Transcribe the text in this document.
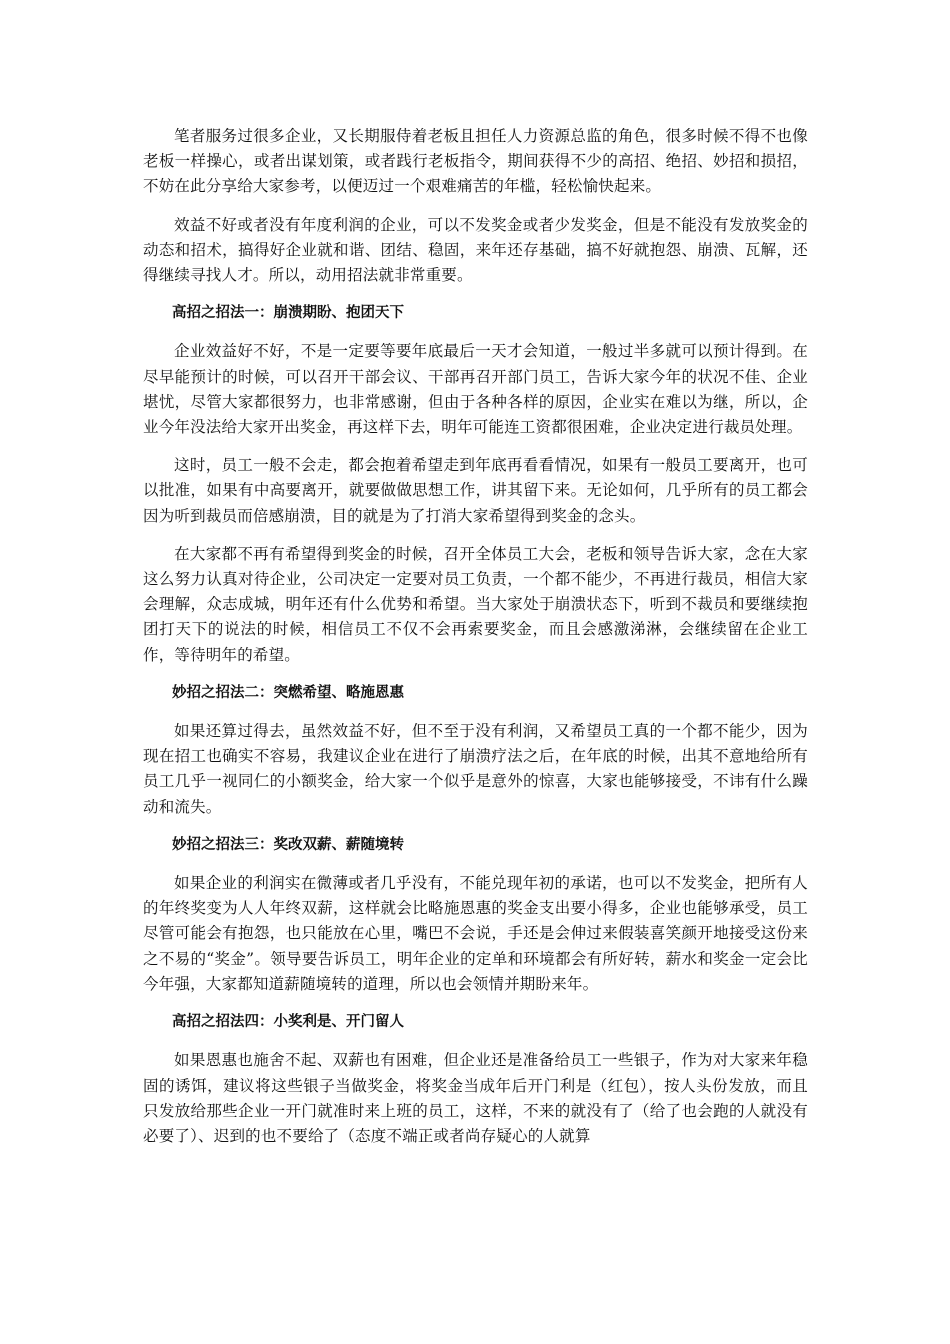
笔者服务过很多企业，又长期服侍着老板且担任人力资源总监的角色，很多时候不得不也像老板一样操心，或者出谋划策，或者践行老板指令，期间获得不少的高招、绝招、妙招和损招，不妨在此分享给大家参考，以便迈过一个艰难痛苦的年槛，轻松愉快起来。

效益不好或者没有年度利润的企业，可以不发奖金或者少发奖金，但是不能没有发放奖金的动态和招术，搞得好企业就和谐、团结、稳固，来年还存基础，搞不好就抱怨、崩溃、瓦解，还得继续寻找人才。所以，动用招法就非常重要。

高招之招法一：崩溃期盼、抱团天下

企业效益好不好，不是一定要等要年底最后一天才会知道，一般过半多就可以预计得到。在尽早能预计的时候，可以召开干部会议、干部再召开部门员工，告诉大家今年的状况不佳、企业堪忧，尽管大家都很努力，也非常感谢，但由于各种各样的原因，企业实在难以为继，所以，企业今年没法给大家开出奖金，再这样下去，明年可能连工资都很困难，企业决定进行裁员处理。

这时，员工一般不会走，都会抱着希望走到年底再看看情况，如果有一般员工要离开，也可以批准，如果有中高要离开，就要做做思想工作，讲其留下来。无论如何，几乎所有的员工都会因为听到裁员而倍感崩溃，目的就是为了打消大家希望得到奖金的念头。

在大家都不再有希望得到奖金的时候，召开全体员工大会，老板和领导告诉大家，念在大家这么努力认真对待企业，公司决定一定要对员工负责，一个都不能少，不再进行裁员，相信大家会理解，众志成城，明年还有什么优势和希望。当大家处于崩溃状态下，听到不裁员和要继续抱团打天下的说法的时候，相信员工不仅不会再索要奖金，而且会感激涕淋，会继续留在企业工作，等待明年的希望。

妙招之招法二：突燃希望、略施恩惠

如果还算过得去，虽然效益不好，但不至于没有利润，又希望员工真的一个都不能少，因为现在招工也确实不容易，我建议企业在进行了崩溃疗法之后，在年底的时候，出其不意地给所有员工几乎一视同仁的小额奖金，给大家一个似乎是意外的惊喜，大家也能够接受，不讳有什么躁动和流失。

妙招之招法三：奖改双薪、薪随境转

如果企业的利润实在微薄或者几乎没有，不能兑现年初的承诺，也可以不发奖金，把所有人的年终奖变为人人年终双薪，这样就会比略施恩惠的奖金支出要小得多，企业也能够承受，员工尽管可能会有抱怨，也只能放在心里，嘴巴不会说，手还是会伸过来假装喜笑颜开地接受这份来之不易的“奖金”。领导要告诉员工，明年企业的定单和环境都会有所好转，薪水和奖金一定会比今年强，大家都知道薪随境转的道理，所以也会领情并期盼来年。

高招之招法四：小奖利是、开门留人

如果恩惠也施舍不起、双薪也有困难，但企业还是准备给员工一些银子，作为对大家来年稳固的诱饵，建议将这些银子当做奖金，将奖金当成年后开门利是（红包），按人头份发放，而且只发放给那些企业一开门就准时来上班的员工，这样，不来的就没有了（给了也会跑的人就没有必要了）、迟到的也不要给了（态度不端正或者尚存疑心的人就算
